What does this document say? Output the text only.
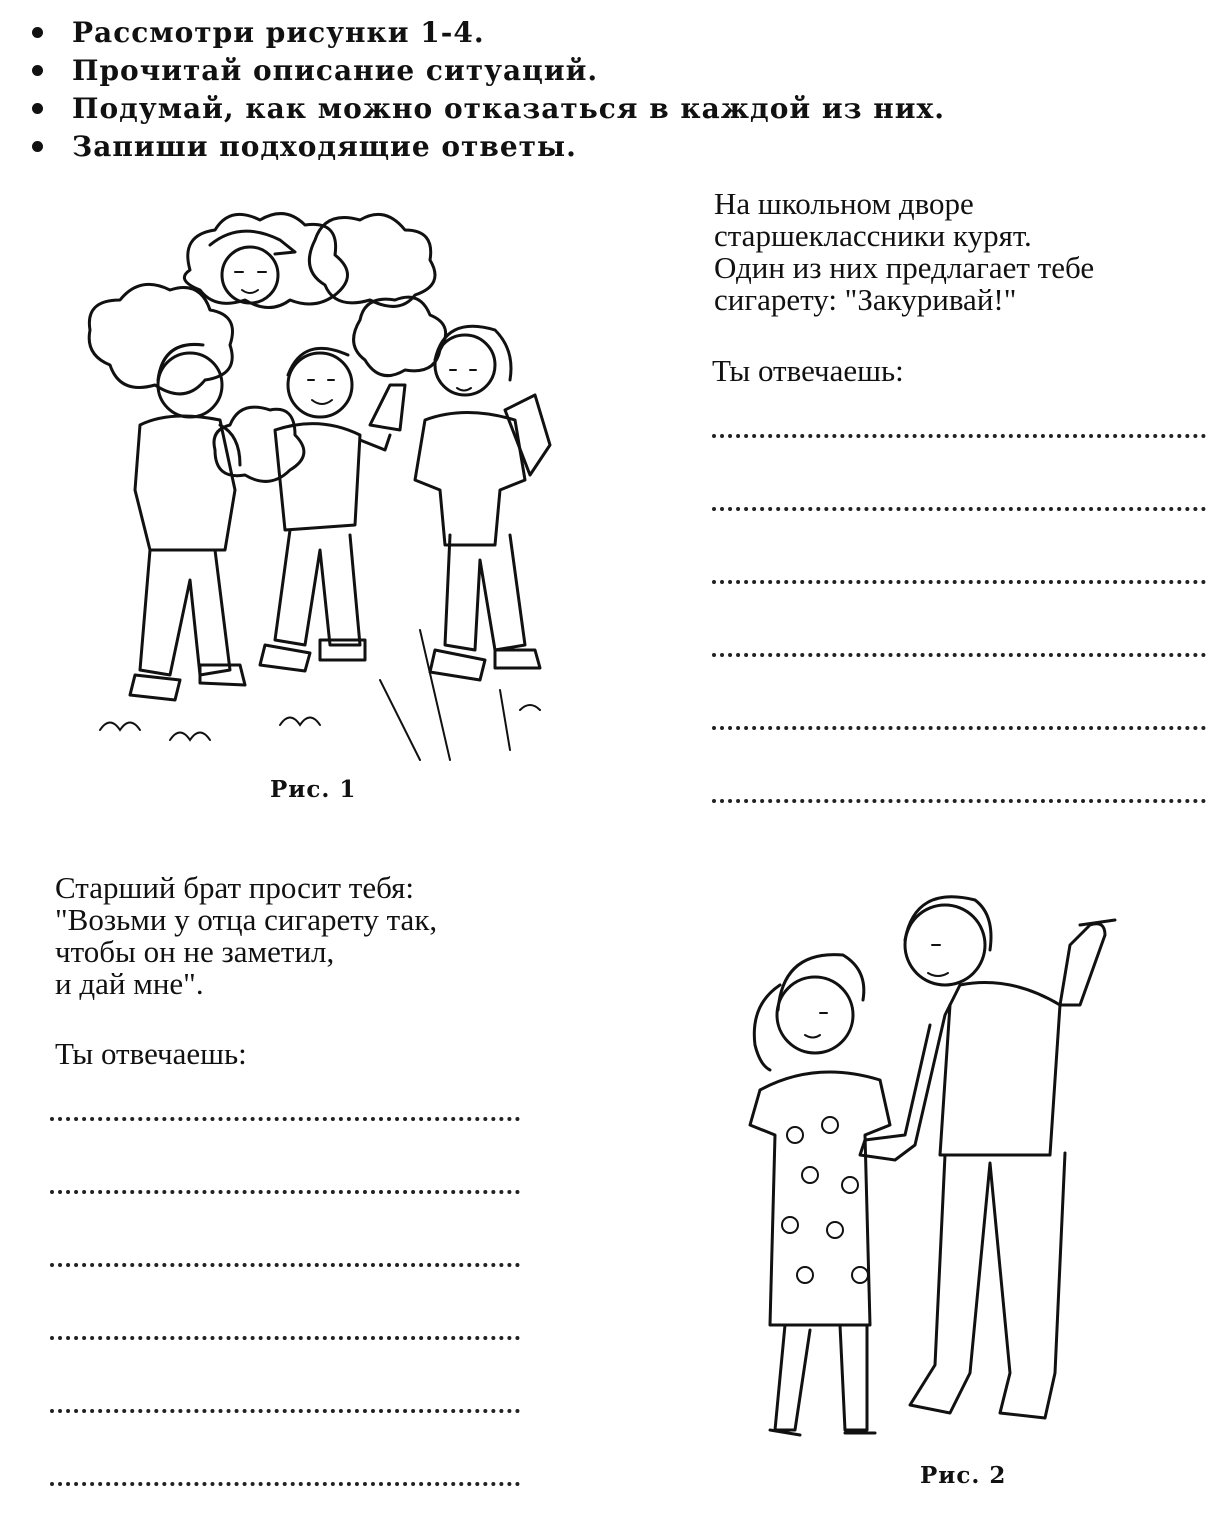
Рассмотри рисунки 1-4.
Прочитай описание ситуаций.
Подумай, как можно отказаться в каждой из них.
Запиши подходящие ответы.
Рис. 1

На школьном дворе
старшеклассники курят.
Один из них предлагает тебе
сигарету: "Закуривай!"

Ты отвечаешь:

Старший брат просит тебя:
"Возьми у отца сигарету так,
чтобы он не заметил,
и дай мне".

Ты отвечаешь:

Рис. 2
